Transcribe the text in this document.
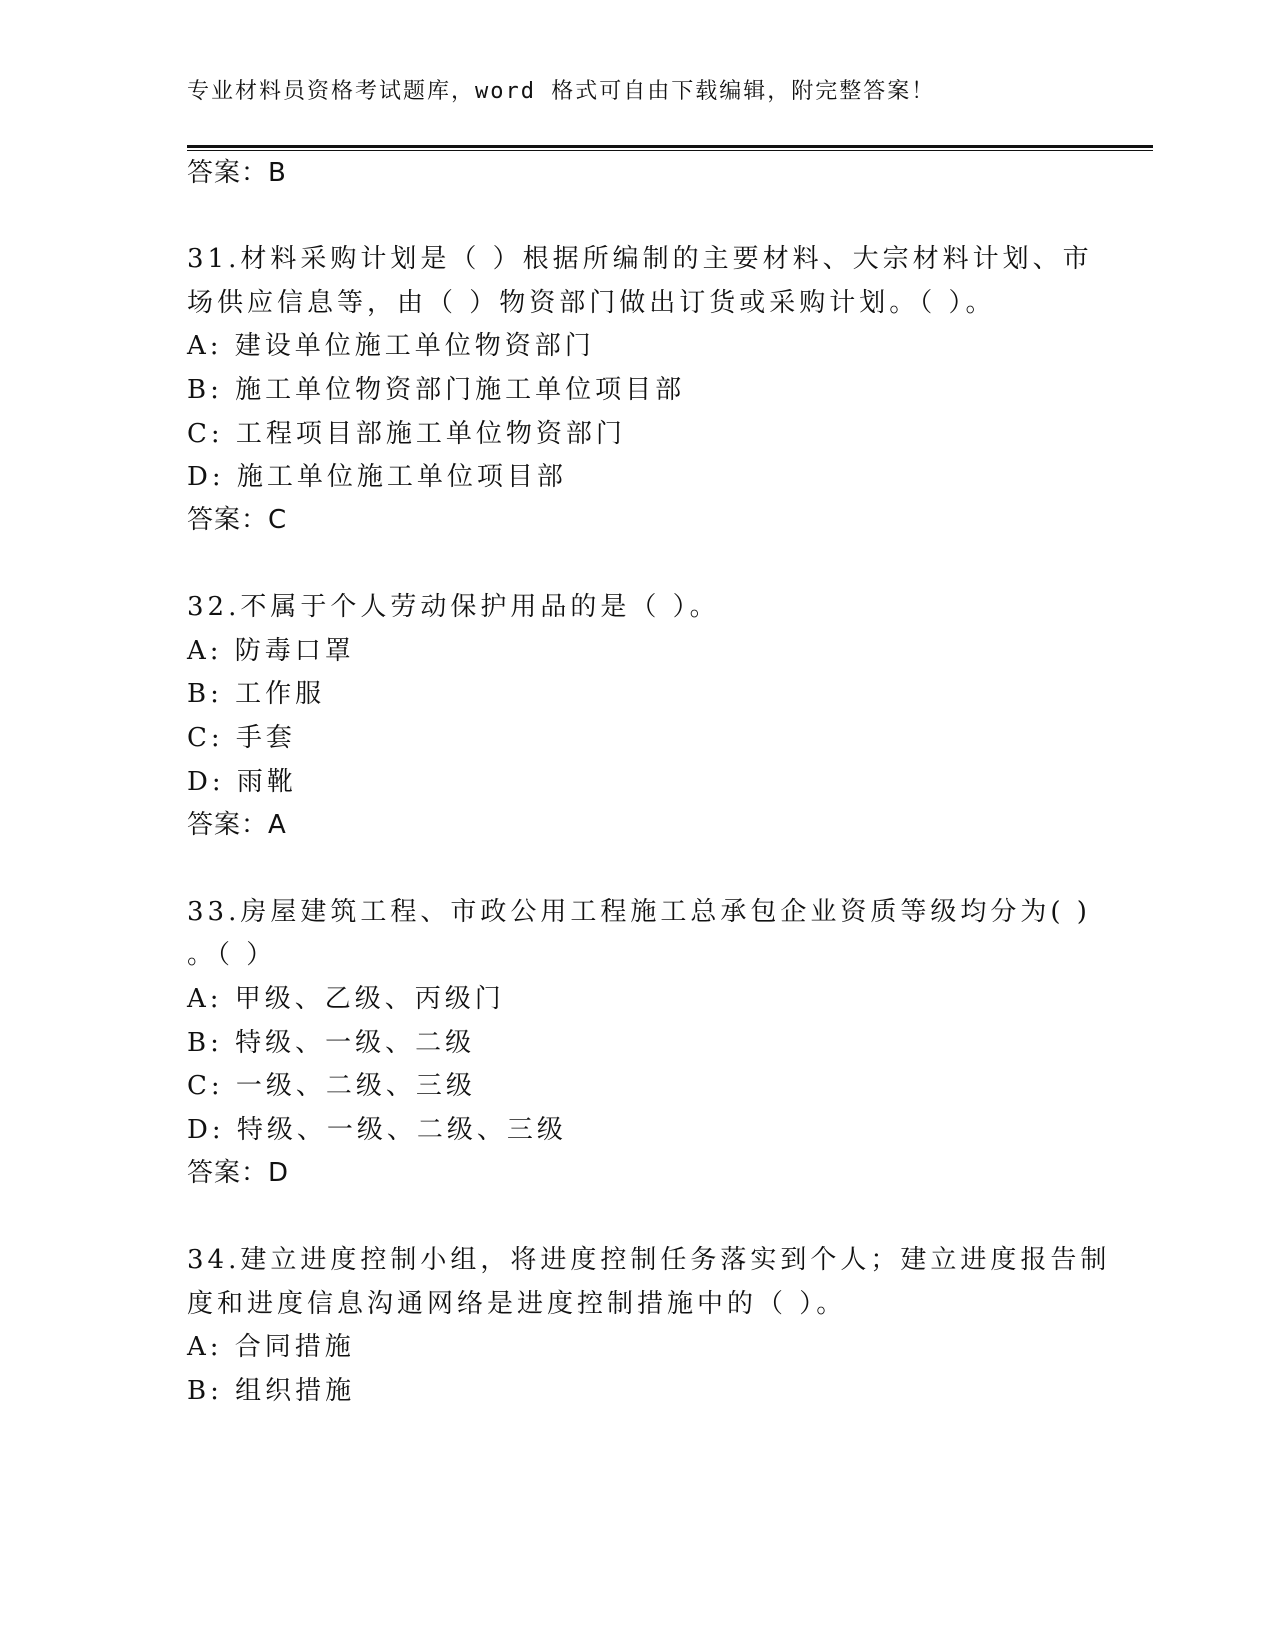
专业材料员资格考试题库，word 格式可自由下载编辑，附完整答案！
答案：B
31.材料采购计划是（ ）根据所编制的主要材料、大宗材料计划、市
场供应信息等，由（ ）物资部门做出订货或采购计划。（ ）。
A: 建设单位施工单位物资部门
B: 施工单位物资部门施工单位项目部
C: 工程项目部施工单位物资部门
D: 施工单位施工单位项目部
答案：C
32.不属于个人劳动保护用品的是（ ）。
A: 防毒口罩
B: 工作服
C: 手套
D: 雨靴
答案：A
33.房屋建筑工程、市政公用工程施工总承包企业资质等级均分为( )
。（ ）
A: 甲级、乙级、丙级门
B: 特级、一级、二级
C: 一级、二级、三级
D: 特级、一级、二级、三级
答案：D
34.建立进度控制小组，将进度控制任务落实到个人；建立进度报告制
度和进度信息沟通网络是进度控制措施中的（ ）。
A: 合同措施
B: 组织措施
